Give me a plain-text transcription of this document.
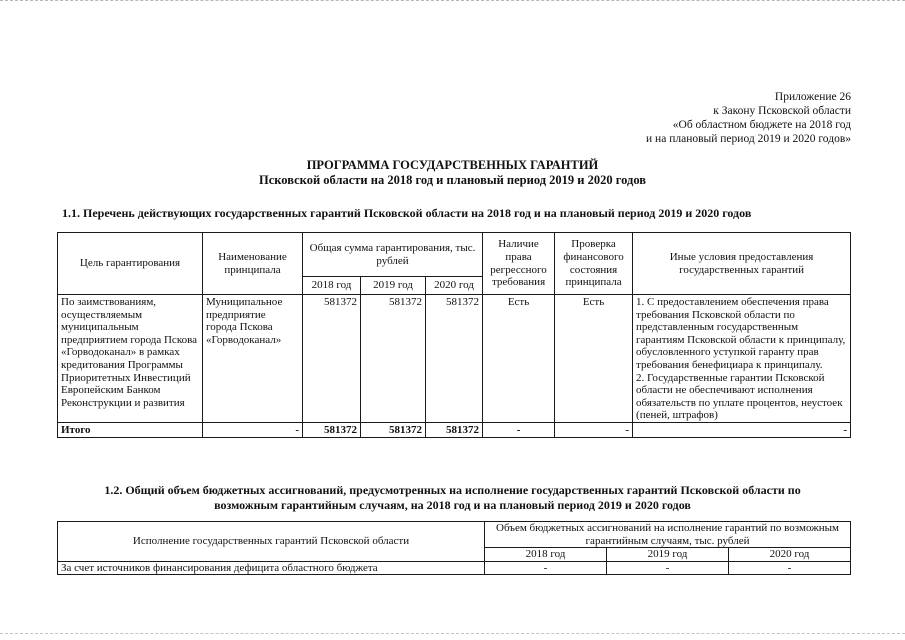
Приложение 26
к Закону Псковской области
«Об областном бюджете на 2018 год
и на плановый период 2019 и 2020 годов»
ПРОГРАММА ГОСУДАРСТВЕННЫХ ГАРАНТИЙ
Псковской области на 2018 год и плановый период 2019 и 2020 годов
1.1. Перечень действующих государственных гарантий Псковской области на 2018 год и на плановый период 2019 и 2020 годов
Цель гарантирования	Наименование принципала	Общая сумма гарантирования, тыс. рублей			Наличие права регрессного требования	Проверка финансового состояния принципала	Иные условия предоставления государственных гарантий
		2018 год	2019 год	2020 год			
По заимствованиям, осуществляемым муниципальным предприятием города Пскова «Горводоканал» в рамках кредитования Программы Приоритетных Инвестиций Европейским Банком Реконструкции и развития	Муниципальное предприятие города Пскова «Горводоканал»	581372	581372	581372	Есть	Есть	1. С предоставлением обеспечения права требования Псковской области по представленным государственным гарантиям Псковской области к принципалу, обусловленного уступкой гаранту прав требования бенефициара к принципалу.
2. Государственные гарантии Псковской области не обеспечивают исполнения обязательств по уплате процентов, неустоек (пеней, штрафов)

Итого	-	581372	581372	581372	-	-	-
1.2. Общий объем бюджетных ассигнований, предусмотренных на исполнение государственных гарантий Псковской области по
возможным гарантийным случаям, на 2018 год и на плановый период 2019 и 2020 годов
Исполнение государственных гарантий Псковской области	Объем бюджетных ассигнований на исполнение гарантий по возможным гарантийным случаям, тыс. рублей		
	2018 год	2019 год	2020 год
За счет источников финансирования дефицита областного бюджета	-	-	-
